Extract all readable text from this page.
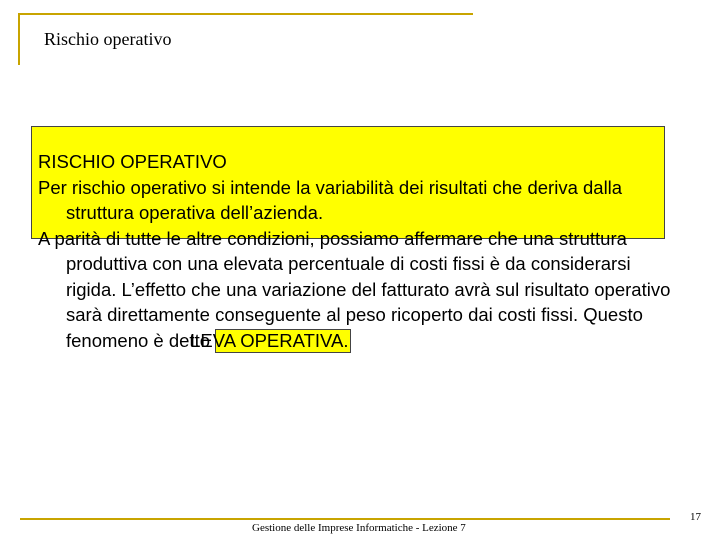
Rischio operativo

RISCHIO OPERATIVO

Per rischio operativo si intende la variabilità dei risultati che deriva dalla struttura operativa dell’azienda.

A parità di tutte le altre condizioni, possiamo affermare che una struttura produttiva con una elevata percentuale di costi fissi è da considerarsi rigida. L’effetto che una variazione del fatturato avrà sul risultato operativo sarà direttamente conseguente al peso ricoperto dai costi fissi. Questo fenomeno è detto LEVA OPERATIVA.

Gestione delle Imprese Informatiche - Lezione 7
17
